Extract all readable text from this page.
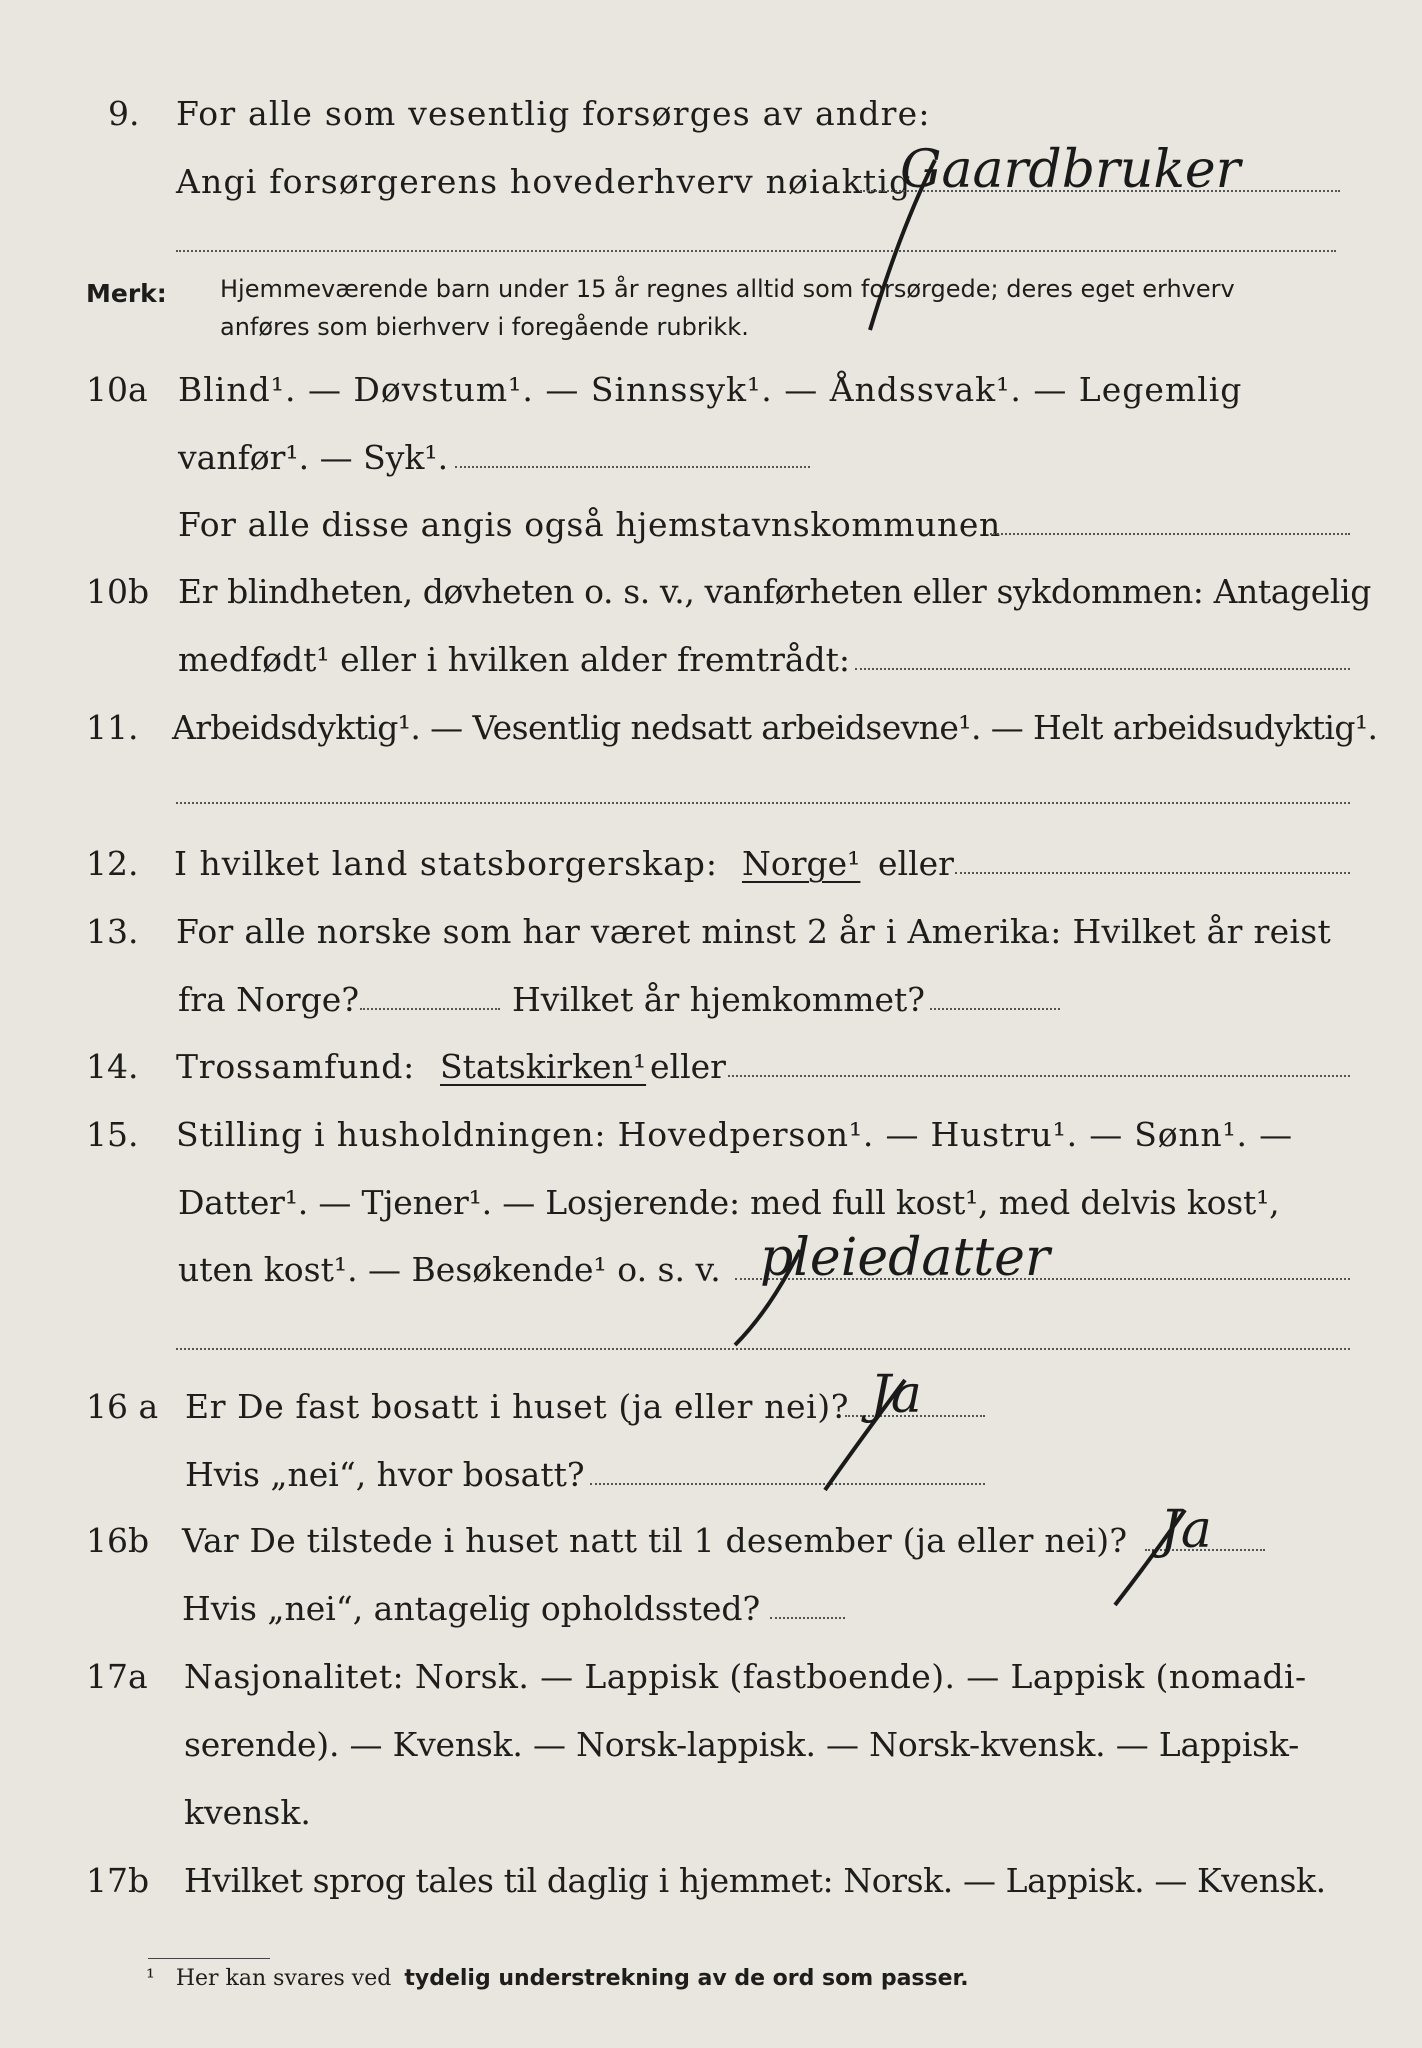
9. For alle som vesentlig forsørges av andre:
Angi forsørgerens hovederhverv nøiaktig
Gaardbruker
Merk: Hjemmeværende barn under 15 år regnes alltid som forsørgede; deres eget erhverv
anføres som bierhverv i foregående rubrikk.
10a Blind¹. — Døvstum¹. — Sinnssyk¹. — Åndssvak¹. — Legemlig
vanfør¹. — Syk¹.
For alle disse angis også hjemstavnskommunen
10b Er blindheten, døvheten o. s. v., vanførheten eller sykdommen: Antagelig
medfødt¹ eller i hvilken alder fremtrådt:
11. Arbeidsdyktig¹. — Vesentlig nedsatt arbeidsevne¹. — Helt arbeidsudyktig¹.
12. I hvilket land statsborgerskap: Norge¹ eller
13. For alle norske som har været minst 2 år i Amerika: Hvilket år reist
fra Norge?	Hvilket år hjemkommet?
14. Trossamfund: Statskirken¹ eller
15. Stilling i husholdningen: Hovedperson¹. — Hustru¹. — Sønn¹. —
Datter¹. — Tjener¹. — Losjerende: med full kost¹, med delvis kost¹,
uten kost¹. — Besøkende¹ o. s. v. pleiedatter
16 a Er De fast bosatt i huset (ja eller nei)? Ja
Hvis „nei“, hvor bosatt?
16b Var De tilstede i huset natt til 1 desember (ja eller nei)? Ja
Hvis „nei“, antagelig opholdssted?
17a Nasjonalitet: Norsk. — Lappisk (fastboende). — Lappisk (nomadi-
serende). — Kvensk. — Norsk-lappisk. — Norsk-kvensk. — Lappisk-
kvensk.
17b Hvilket sprog tales til daglig i hjemmet: Norsk. — Lappisk. — Kvensk.
¹ Her kan svares ved tydelig understrekning av de ord som passer.
